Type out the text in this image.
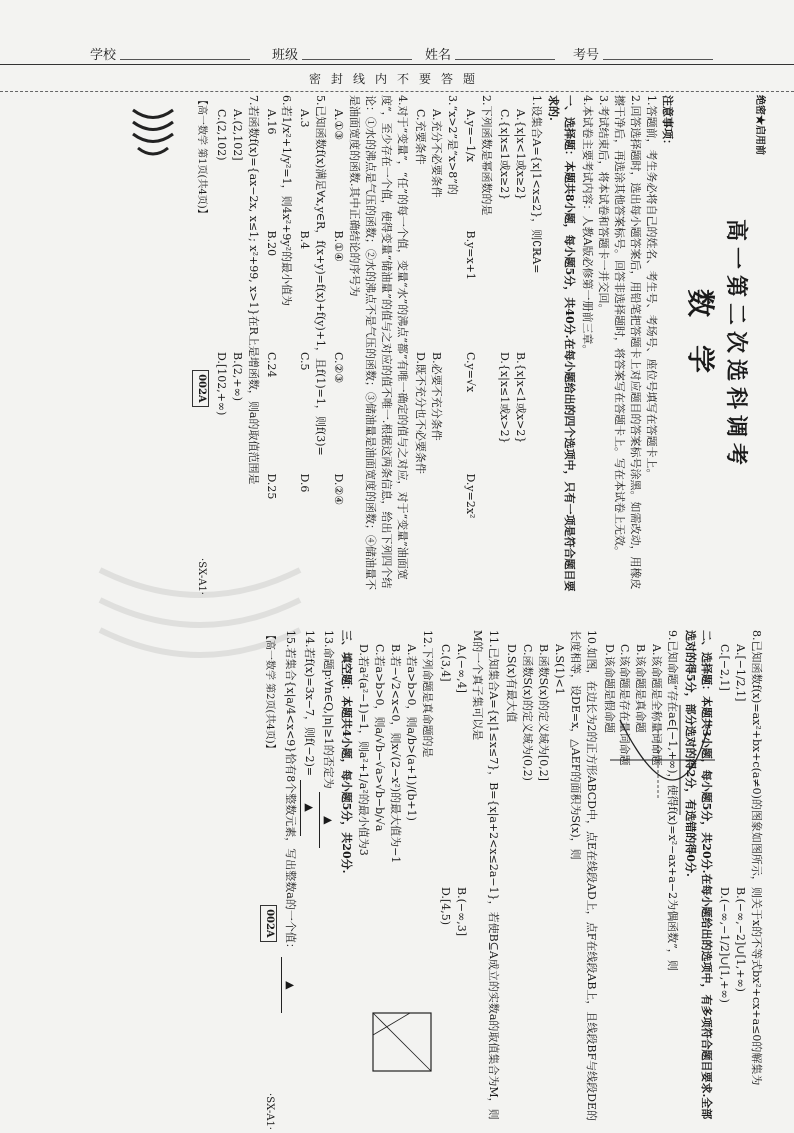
学校	班级	姓名	考号
密封线内不要答题

绝密★启用前

高一第二次选科调考
数学

注意事项：

1.答题前，考生务必将自己的姓名、考生号、考场号、座位号填写在答题卡上。

2.回答选择题时，选出每小题答案后，用铅笔把答题卡上对应题目的答案标号涂黑。如需改动，用橡皮擦干净后，再选涂其他答案标号。回答非选择题时，将答案写在答题卡上。写在本试卷上无效。

3.考试结束后，将本试卷和答题卡一并交回。

4.本试卷主要考试内容：人教A版必修第一册前三章。

一、选择题：本题共8小题，每小题5分，共40分.在每小题给出的四个选项中，只有一项是符合题目要求的.

1.设集合A={x|1<x≤2}，则∁ℝA=

A.{x|x<1或x≥2}
B.{x|x<1或x>2}
C.{x|x≤1或x≥2}
D.{x|x≤1或x>2}

2.下列函数是幂函数的是

A.y=−1/x
B.y=x+1
C.y=√x
D.y=2x²

3.“x>2”是“x>8”的

A.充分不必要条件
B.必要不充分条件
C.充要条件
D.既不充分也不必要条件

4.对于“变量”，“任”的每一个值，变量“水”的沸点“都”有唯一确定的值与之对应，对于“变量”油面宽度“，至少存在一个值，使得变量“储油量”的值与之对应的值不唯一.根据这两条信息，给出下列四个结论：①水的沸点是气压的函数；②水的沸点不是气压的函数；③储油量是油面宽度的函数；④储油量不是油面宽度的函数.其中正确结论的序号为

A.①③
B.①④
C.②③
D.②④

5.已知函数f(x)满足∀x,y∈R，f(x+y)=f(x)+f(y)+1，且f(1)=1，则f(3)=

A.3
B.4
C.5
D.6

6.若1/x²+1/y²=1，则4x²+9y²的最小值为

A.16
B.20
C.24
D.25

7.若函数f(x)={ax−2x, x≤1; x²+99, x>1}在R上是增函数，则a的取值范围是

A.(2,102]
B.(2,+∞)
C.(2,102)
D.[102,+∞)
【高一数学 第1页(共4页)】
002A
·SX-A1·

8.已知函数f(x)=ax²+bx+c(a≠0)的图象如图所示，则关于x的不等式bx²+cx+a≤0的解集为

A.[−1/2,1]
B.(−∞,−2]∪[1,+∞)
C.[−2,1]
D.(−∞,−1/2]∪[1,+∞)

二、选择题：本题共3小题，每小题5分，共20分.在每小题给出的选项中，有多项符合题目要求.全部选对的得5分，部分选对的得2分，有选错的得0分.

9.已知命题“存在a∈[−1,+∞)，使得f(x)=x²−ax+a−2为偶函数”，则

A.该命题是全称量词命题
B.该命题是真命题
C.该命题是存在量词命题
D.该命题是假命题

10.如图，在边长为2的正方形ABCD中，点E在线段AD上，点F在线段AB上，且线段BF与线段DE的长度相等，设DE=x，△AEF的面积为S(x)，则

A.S(1)<1
B.函数S(x)的定义域为[0,2]
C.函数S(x)的定义域为(0,2)
D.S(x)有最大值

11.已知集合A={x|1≤x≤7}，B={x|a+2<x≤2a−1}，若使B⊆A成立的实数a的取值集合为M，则M的一个真子集可以是

A.(−∞,4]
B.(−∞,3]
C.(3,4]
D.[4,5)

12.下列命题是真命题的是

A.若a>b>0，则a/b>(a+1)/(b+1)
B.若−√2<x<0，则x√(2−x²)的最大值为−1
C.若a>b>0，则a/√b−√a>√b−b/√a
D.若a²(a²−1)=1，则a²+1/a²的最小值为3

三、填空题：本题共4小题，每小题5分，共20分.

13.命题p:∀n∈Q,|n|≥1的否定为 ▲

14.若f(x)=3x−7，则f(−2)= ▲

15.若集合{x|a/4<x<9}恰有8个整数元素，写出整数a的一个值： ▲

【高一数学 第2页(共4页)】
002A
·SX-A1·
